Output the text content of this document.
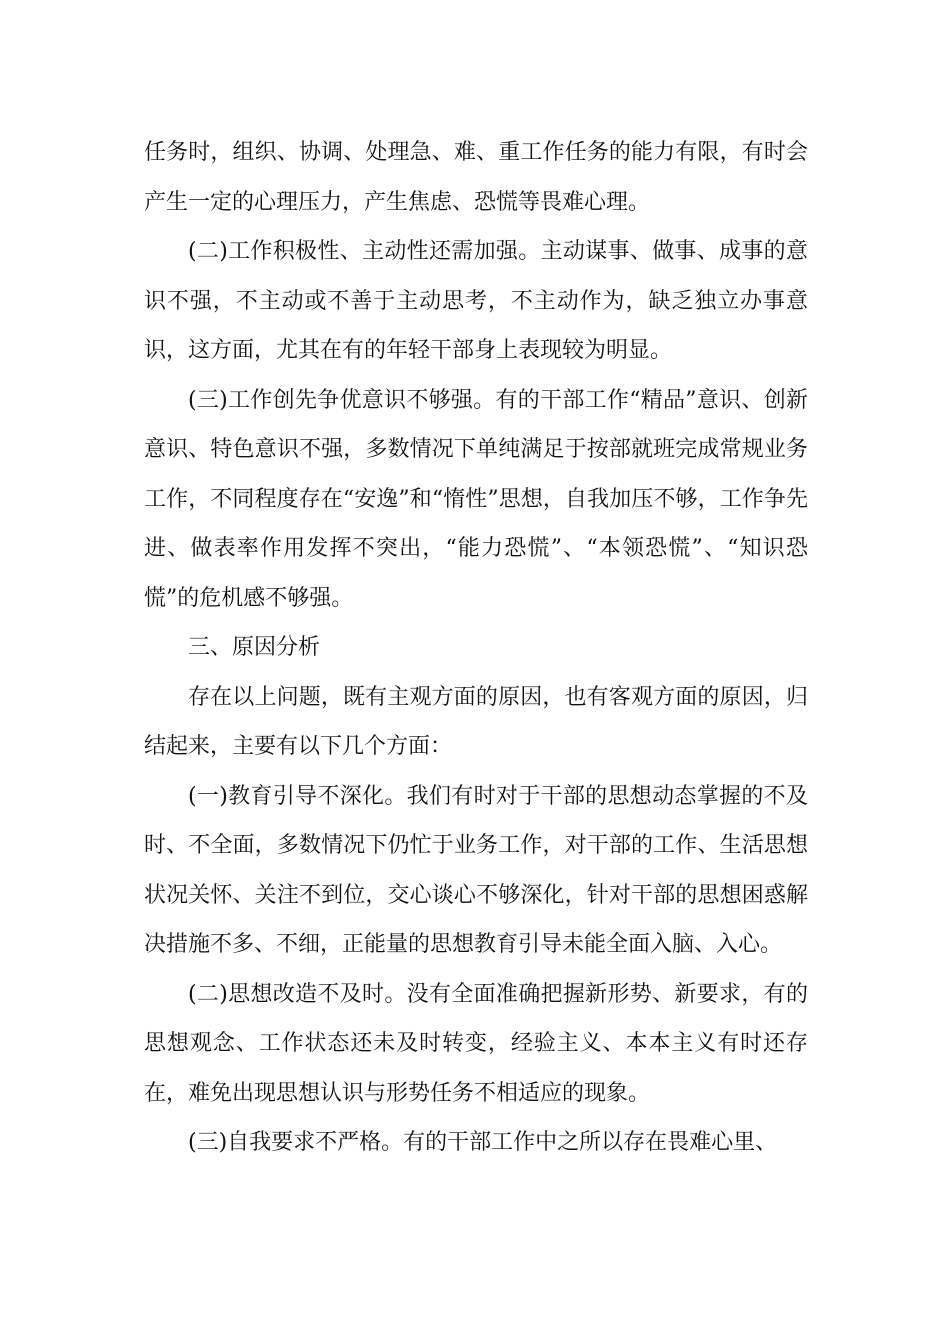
任务时，组织、协调、处理急、难、重工作任务的能力有限，有时会产生一定的心理压力，产生焦虑、恐慌等畏难心理。

(二)工作积极性、主动性还需加强。主动谋事、做事、成事的意识不强，不主动或不善于主动思考，不主动作为，缺乏独立办事意识，这方面，尤其在有的年轻干部身上表现较为明显。

(三)工作创先争优意识不够强。有的干部工作“精品”意识、创新意识、特色意识不强，多数情况下单纯满足于按部就班完成常规业务工作，不同程度存在“安逸”和“惰性”思想，自我加压不够，工作争先进、做表率作用发挥不突出，“能力恐慌”、“本领恐慌”、“知识恐慌”的危机感不够强。

三、原因分析

存在以上问题，既有主观方面的原因，也有客观方面的原因，归结起来，主要有以下几个方面：

(一)教育引导不深化。我们有时对于干部的思想动态掌握的不及时、不全面，多数情况下仍忙于业务工作，对干部的工作、生活思想状况关怀、关注不到位，交心谈心不够深化，针对干部的思想困惑解决措施不多、不细，正能量的思想教育引导未能全面入脑、入心。

(二)思想改造不及时。没有全面准确把握新形势、新要求，有的思想观念、工作状态还未及时转变，经验主义、本本主义有时还存在，难免出现思想认识与形势任务不相适应的现象。

(三)自我要求不严格。有的干部工作中之所以存在畏难心里、
